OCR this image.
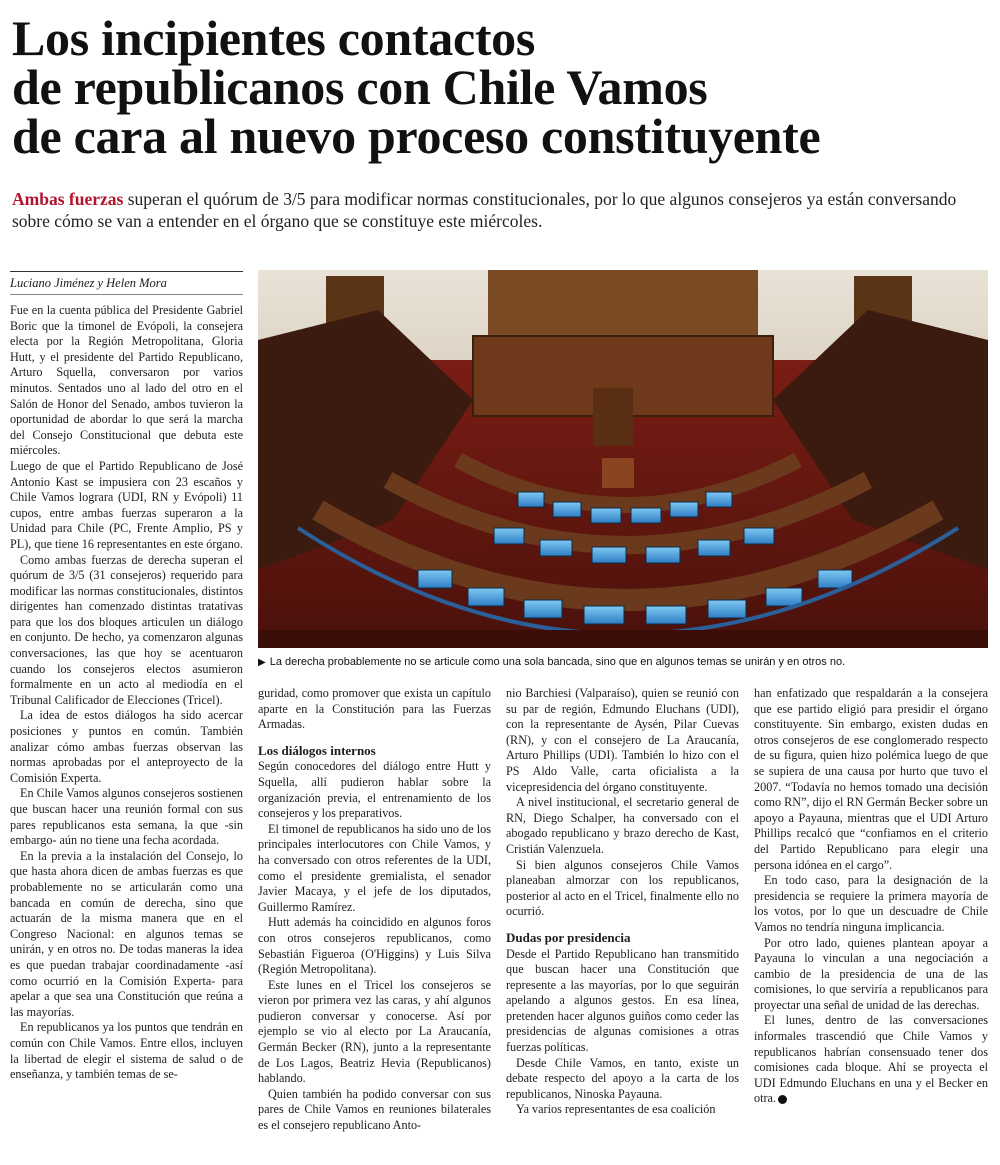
Los incipientes contactos
de republicanos con Chile Vamos
de cara al nuevo proceso constituyente

Ambas fuerzas superan el quórum de 3/5 para modificar normas constitucionales, por lo que algunos consejeros ya están conversando sobre cómo se van a entender en el órgano que se constituye este miércoles.

Luciano Jiménez y Helen Mora

Fue en la cuenta pública del Presidente Gabriel Boric que la timonel de Evópoli, la consejera electa por la Región Metropolitana, Gloria Hutt, y el presidente del Partido Republicano, Arturo Squella, conversaron por varios minutos. Sentados uno al lado del otro en el Salón de Honor del Senado, ambos tuvieron la oportunidad de abordar lo que será la marcha del Consejo Constitucional que debuta este miércoles.

Luego de que el Partido Republicano de José Antonio Kast se impusiera con 23 escaños y Chile Vamos lograra (UDI, RN y Evópoli) 11 cupos, entre ambas fuerzas superaron a la Unidad para Chile (PC, Frente Amplio, PS y PL), que tiene 16 representantes en este órgano.

Como ambas fuerzas de derecha superan el quórum de 3/5 (31 consejeros) requerido para modificar las normas constitucionales, distintos dirigentes han comenzado distintas tratativas para que los dos bloques articulen un diálogo en conjunto. De hecho, ya comenzaron algunas conversaciones, las que hoy se acentuaron cuando los consejeros electos asumieron formalmente en un acto al mediodía en el Tribunal Calificador de Elecciones (Tricel).

La idea de estos diálogos ha sido acercar posiciones y puntos en común. También analizar cómo ambas fuerzas observan las normas aprobadas por el anteproyecto de la Comisión Experta.

En Chile Vamos algunos consejeros sostienen que buscan hacer una reunión formal con sus pares republicanos esta semana, la que -sin embargo- aún no tiene una fecha acordada.

En la previa a la instalación del Consejo, lo que hasta ahora dicen de ambas fuerzas es que probablemente no se articularán como una bancada en común de derecha, sino que actuarán de la misma manera que en el Congreso Nacional: en algunos temas se unirán, y en otros no. De todas maneras la idea es que puedan trabajar coordinadamente -así como ocurrió en la Comisión Experta- para apelar a que sea una Constitución que reúna a las mayorías.

En republicanos ya los puntos que tendrán en común con Chile Vamos. Entre ellos, incluyen la libertad de elegir el sistema de salud o de enseñanza, y también temas de se-

▶ La derecha probablemente no se articule como una sola bancada, sino que en algunos temas se unirán y en otros no.

guridad, como promover que exista un capítulo aparte en la Constitución para las Fuerzas Armadas.

Los diálogos internos

Según conocedores del diálogo entre Hutt y Squella, allí pudieron hablar sobre la organización previa, el entrenamiento de los consejeros y los preparativos.

El timonel de republicanos ha sido uno de los principales interlocutores con Chile Vamos, y ha conversado con otros referentes de la UDI, como el presidente gremialista, el senador Javier Macaya, y el jefe de los diputados, Guillermo Ramírez.

Hutt además ha coincidido en algunos foros con otros consejeros republicanos, como Sebastián Figueroa (O'Higgins) y Luis Silva (Región Metropolitana).

Este lunes en el Tricel los consejeros se vieron por primera vez las caras, y ahí algunos pudieron conversar y conocerse. Así por ejemplo se vio al electo por La Araucanía, Germán Becker (RN), junto a la representante de Los Lagos, Beatriz Hevia (Republicanos) hablando.

Quien también ha podido conversar con sus pares de Chile Vamos en reuniones bilaterales es el consejero republicano Anto-

nio Barchiesi (Valparaíso), quien se reunió con su par de región, Edmundo Eluchans (UDI), con la representante de Aysén, Pilar Cuevas (RN), y con el consejero de La Araucanía, Arturo Phillips (UDI). También lo hizo con el PS Aldo Valle, carta oficialista a la vicepresidencia del órgano constituyente.

A nivel institucional, el secretario general de RN, Diego Schalper, ha conversado con el abogado republicano y brazo derecho de Kast, Cristián Valenzuela.

Si bien algunos consejeros Chile Vamos planeaban almorzar con los republicanos, posterior al acto en el Tricel, finalmente ello no ocurrió.

Dudas por presidencia

Desde el Partido Republicano han transmitido que buscan hacer una Constitución que represente a las mayorías, por lo que seguirán apelando a algunos gestos. En esa línea, pretenden hacer algunos guiños como ceder las presidencias de algunas comisiones a otras fuerzas políticas.

Desde Chile Vamos, en tanto, existe un debate respecto del apoyo a la carta de los republicanos, Ninoska Payauna.

Ya varios representantes de esa coalición

han enfatizado que respaldarán a la consejera que ese partido eligió para presidir el órgano constituyente. Sin embargo, existen dudas en otros consejeros de ese conglomerado respecto de su figura, quien hizo polémica luego de que se supiera de una causa por hurto que tuvo el 2007. “Todavía no hemos tomado una decisión como RN”, dijo el RN Germán Becker sobre un apoyo a Payauna, mientras que el UDI Arturo Phillips recalcó que “confiamos en el criterio del Partido Republicano para elegir una persona idónea en el cargo”.

En todo caso, para la designación de la presidencia se requiere la primera mayoría de los votos, por lo que un descuadre de Chile Vamos no tendría ninguna implicancia.

Por otro lado, quienes plantean apoyar a Payauna lo vinculan a una negociación a cambio de la presidencia de una de las comisiones, lo que serviría a republicanos para proyectar una señal de unidad de las derechas.

El lunes, dentro de las conversaciones informales trascendió que Chile Vamos y republicanos habrían consensuado tener dos comisiones cada bloque. Ahí se proyecta el UDI Edmundo Eluchans en una y el Becker en otra.
